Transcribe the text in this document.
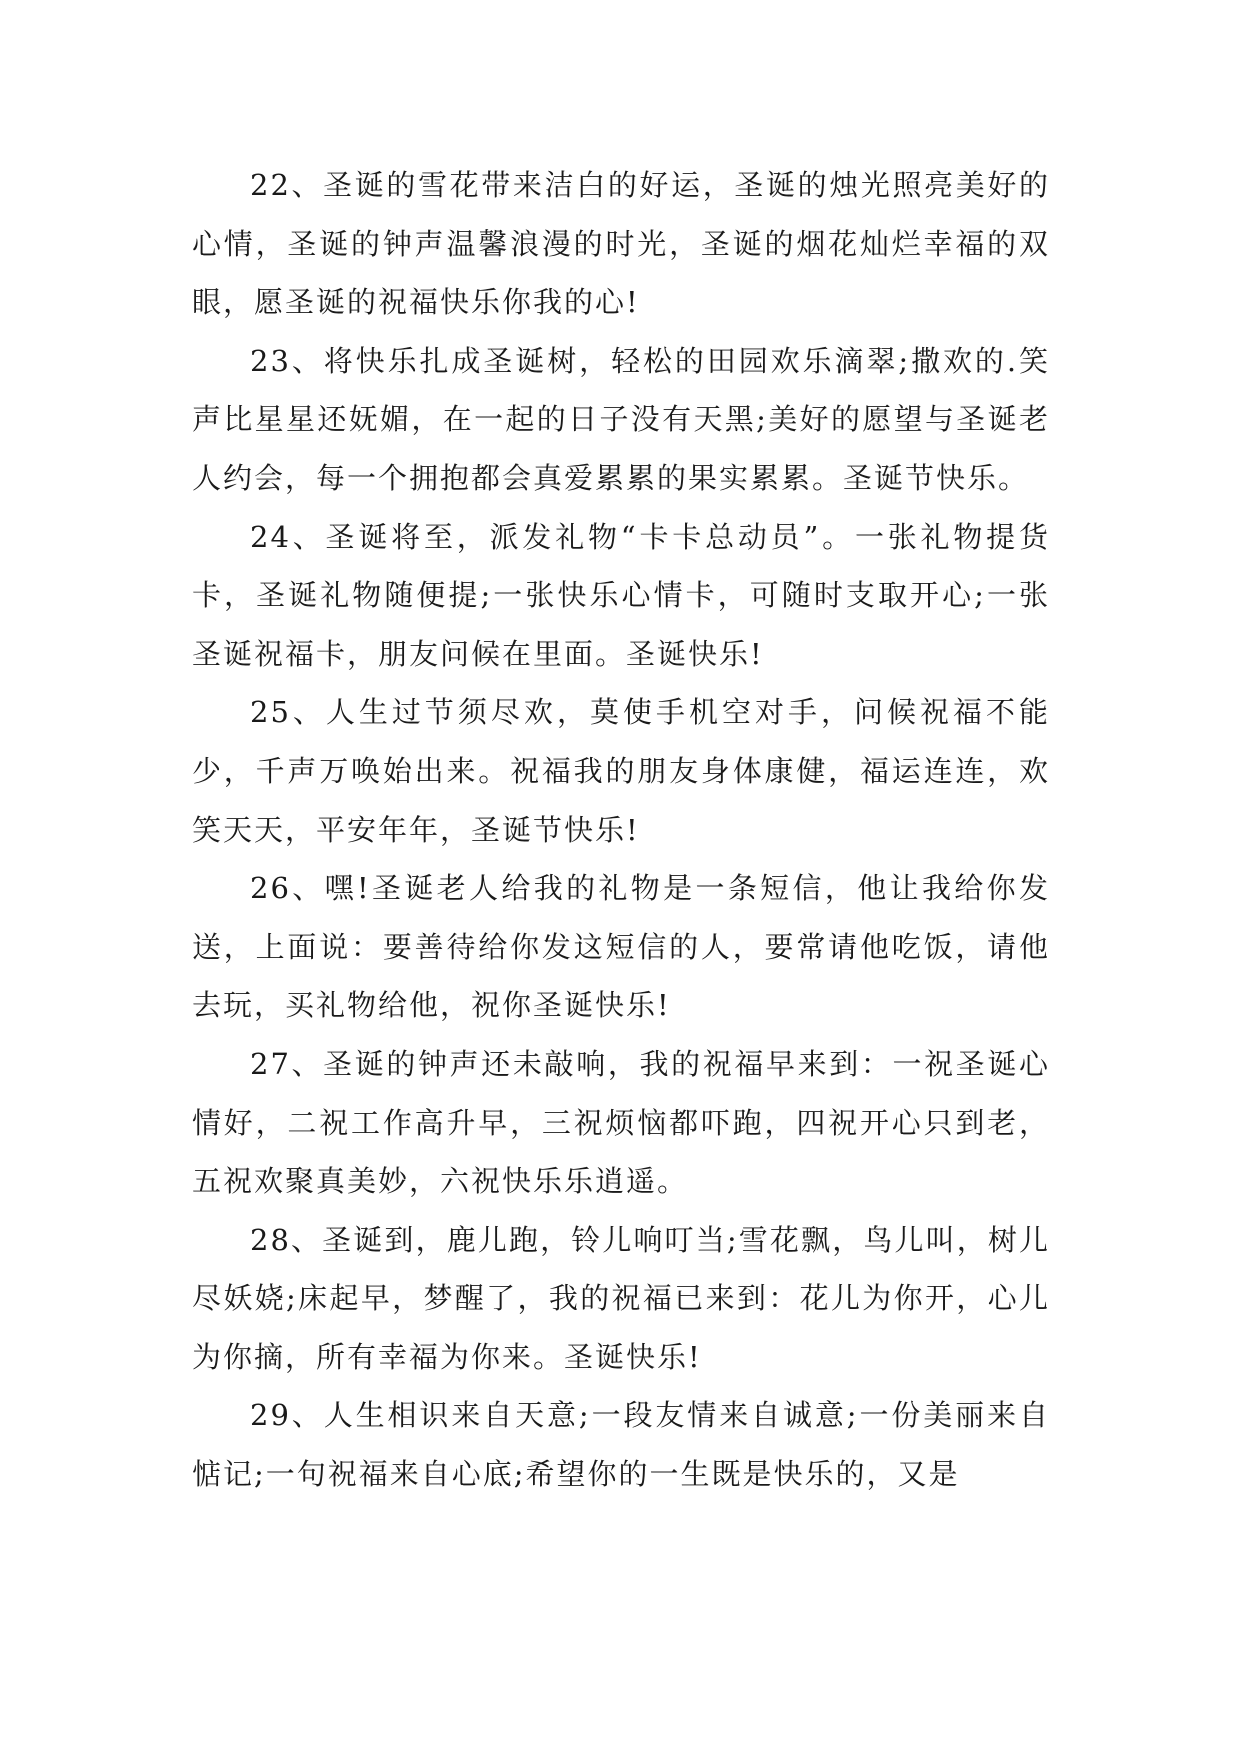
22、圣诞的雪花带来洁白的好运，圣诞的烛光照亮美好的心情，圣诞的钟声温馨浪漫的时光，圣诞的烟花灿烂幸福的双眼，愿圣诞的祝福快乐你我的心!

23、将快乐扎成圣诞树，轻松的田园欢乐滴翠;撒欢的.笑声比星星还妩媚，在一起的日子没有天黑;美好的愿望与圣诞老人约会，每一个拥抱都会真爱累累的果实累累。圣诞节快乐。

24、圣诞将至，派发礼物“卡卡总动员”。一张礼物提货卡，圣诞礼物随便提;一张快乐心情卡，可随时支取开心;一张圣诞祝福卡，朋友问候在里面。圣诞快乐!

25、人生过节须尽欢，莫使手机空对手，问候祝福不能少，千声万唤始出来。祝福我的朋友身体康健，福运连连，欢笑天天，平安年年，圣诞节快乐!

26、嘿!圣诞老人给我的礼物是一条短信，他让我给你发送，上面说：要善待给你发这短信的人，要常请他吃饭，请他去玩，买礼物给他，祝你圣诞快乐!

27、圣诞的钟声还未敲响，我的祝福早来到：一祝圣诞心情好，二祝工作高升早，三祝烦恼都吓跑，四祝开心只到老，五祝欢聚真美妙，六祝快乐乐逍遥。

28、圣诞到，鹿儿跑，铃儿响叮当;雪花飘，鸟儿叫，树儿尽妖娆;床起早，梦醒了，我的祝福已来到：花儿为你开，心儿为你摘，所有幸福为你来。圣诞快乐!

29、人生相识来自天意;一段友情来自诚意;一份美丽来自惦记;一句祝福来自心底;希望你的一生既是快乐的，又是
